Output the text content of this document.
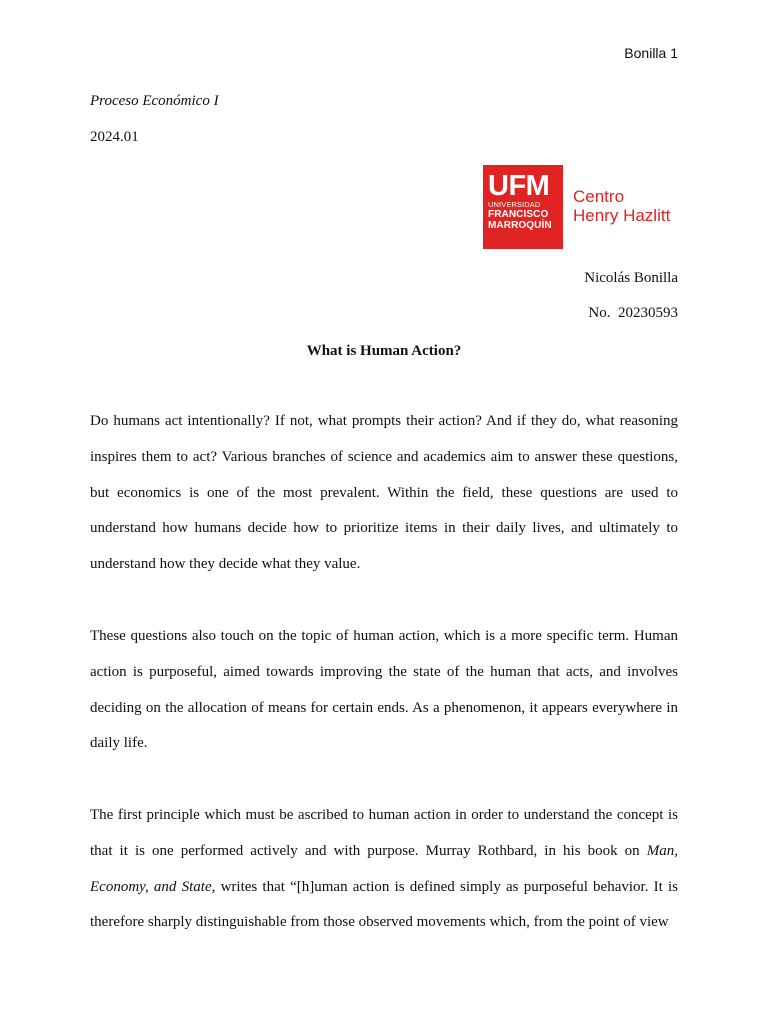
Bonilla 1
Proceso Económico I
2024.01
UFM
UNIVERSIDAD
FRANCISCO
MARROQUÍN
Centro
Henry Hazlitt
Nicolás Bonilla
No.  20230593
What is Human Action?

Do humans act intentionally? If not, what prompts their action? And if they do, what reasoning inspires them to act? Various branches of science and academics aim to answer these questions, but economics is one of the most prevalent. Within the field, these questions are used to understand how humans decide how to prioritize items in their daily lives, and ultimately to understand how they decide what they value.

These questions also touch on the topic of human action, which is a more specific term. Human action is purposeful, aimed towards improving the state of the human that acts, and involves deciding on the allocation of means for certain ends. As a phenomenon, it appears everywhere in daily life.

The first principle which must be ascribed to human action in order to understand the concept is that it is one performed actively and with purpose. Murray Rothbard, in his book on Man, Economy, and State, writes that “[h]uman action is defined simply as purposeful behavior. It is therefore sharply distinguishable from those observed movements which, from the point of view
